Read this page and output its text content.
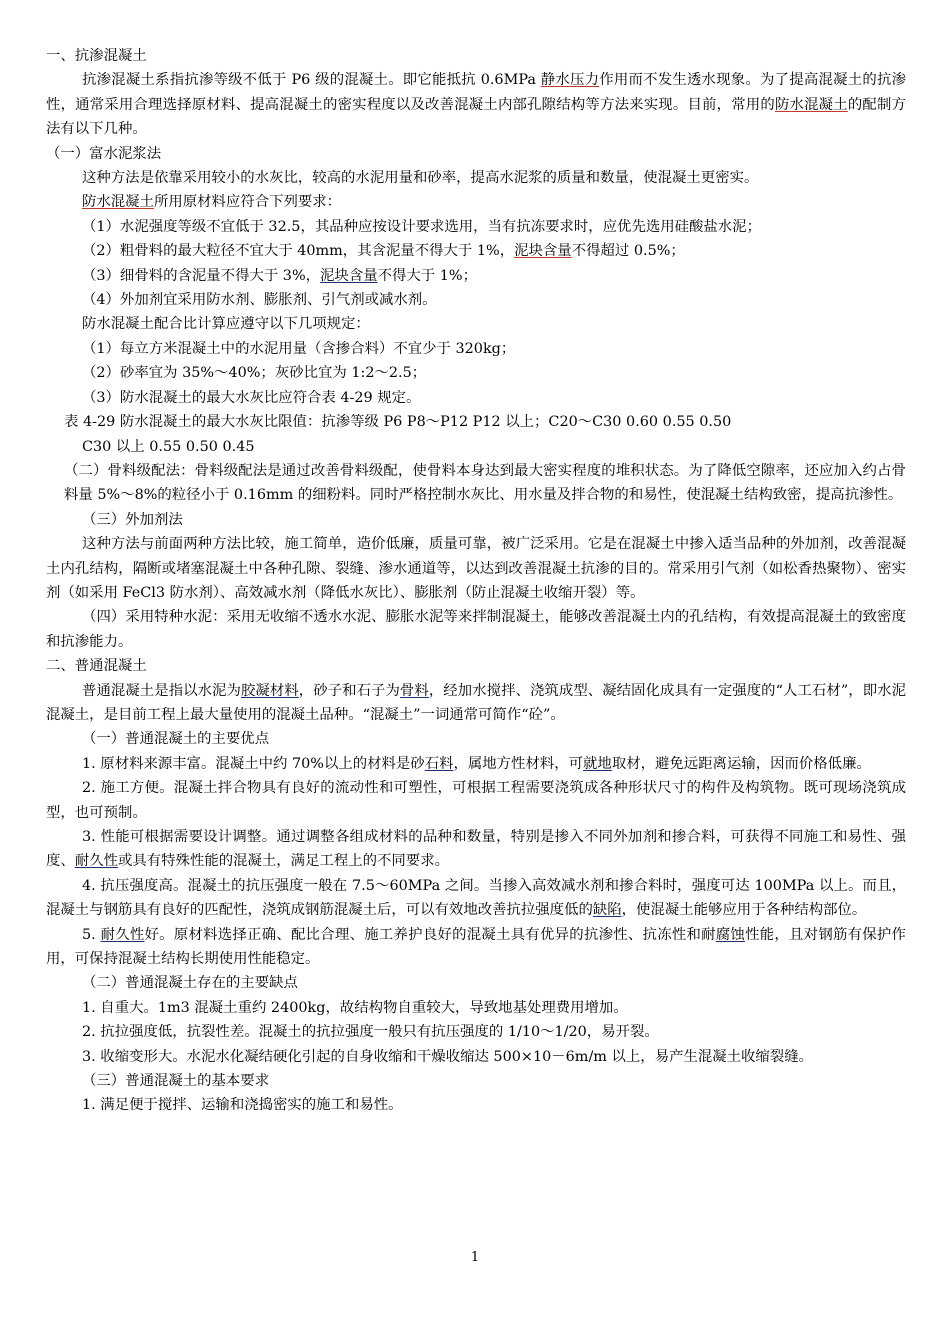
一、抗渗混凝土

抗渗混凝土系指抗渗等级不低于 P6 级的混凝土。即它能抵抗 0.6MPa 静水压力作用而不发生透水现象。为了提高混凝土的抗渗性，通常采用合理选择原材料、提高混凝土的密实程度以及改善混凝土内部孔隙结构等方法来实现。目前，常用的防水混凝土的配制方法有以下几种。

（一）富水泥浆法

这种方法是依靠采用较小的水灰比，较高的水泥用量和砂率，提高水泥浆的质量和数量，使混凝土更密实。

防水混凝土所用原材料应符合下列要求：

（1）水泥强度等级不宜低于 32.5，其品种应按设计要求选用，当有抗冻要求时，应优先选用硅酸盐水泥；

（2）粗骨料的最大粒径不宜大于 40mm，其含泥量不得大于 1%，泥块含量不得超过 0.5%；

（3）细骨料的含泥量不得大于 3%，泥块含量不得大于 1%；

（4）外加剂宜采用防水剂、膨胀剂、引气剂或减水剂。

防水混凝土配合比计算应遵守以下几项规定：

（1）每立方米混凝土中的水泥用量（含掺合料）不宜少于 320kg；

（2）砂率宜为 35%～40%；灰砂比宜为 1:2～2.5；

（3）防水混凝土的最大水灰比应符合表 4-29 规定。

表 4-29 防水混凝土的最大水灰比限值：抗渗等级 P6 P8～P12 P12 以上；C20～C30 0.60 0.55 0.50

C30 以上 0.55 0.50 0.45

（二）骨料级配法：骨料级配法是通过改善骨料级配，使骨料本身达到最大密实程度的堆积状态。为了降低空隙率，还应加入约占骨料量 5%～8%的粒径小于 0.16mm 的细粉料。同时严格控制水灰比、用水量及拌合物的和易性，使混凝土结构致密，提高抗渗性。

（三）外加剂法

这种方法与前面两种方法比较，施工简单，造价低廉，质量可靠，被广泛采用。它是在混凝土中掺入适当品种的外加剂，改善混凝土内孔结构，隔断或堵塞混凝土中各种孔隙、裂缝、渗水通道等，以达到改善混凝土抗渗的目的。常采用引气剂（如松香热聚物）、密实剂（如采用 FeCl3 防水剂）、高效减水剂（降低水灰比）、膨胀剂（防止混凝土收缩开裂）等。

（四）采用特种水泥：采用无收缩不透水水泥、膨胀水泥等来拌制混凝土，能够改善混凝土内的孔结构，有效提高混凝土的致密度和抗渗能力。

二、普通混凝土

普通混凝土是指以水泥为胶凝材料，砂子和石子为骨料，经加水搅拌、浇筑成型、凝结固化成具有一定强度的“人工石材”，即水泥混凝土，是目前工程上最大量使用的混凝土品种。“混凝土”一词通常可简作“砼”。

（一）普通混凝土的主要优点

1. 原材料来源丰富。混凝土中约 70%以上的材料是砂石料，属地方性材料，可就地取材，避免远距离运输，因而价格低廉。

2. 施工方便。混凝土拌合物具有良好的流动性和可塑性，可根据工程需要浇筑成各种形状尺寸的构件及构筑物。既可现场浇筑成型，也可预制。

3. 性能可根据需要设计调整。通过调整各组成材料的品种和数量，特别是掺入不同外加剂和掺合料，可获得不同施工和易性、强度、耐久性或具有特殊性能的混凝土，满足工程上的不同要求。

4. 抗压强度高。混凝土的抗压强度一般在 7.5～60MPa 之间。当掺入高效减水剂和掺合料时，强度可达 100MPa 以上。而且，混凝土与钢筋具有良好的匹配性，浇筑成钢筋混凝土后，可以有效地改善抗拉强度低的缺陷，使混凝土能够应用于各种结构部位。

5. 耐久性好。原材料选择正确、配比合理、施工养护良好的混凝土具有优异的抗渗性、抗冻性和耐腐蚀性能，且对钢筋有保护作用，可保持混凝土结构长期使用性能稳定。

（二）普通混凝土存在的主要缺点

1. 自重大。1m3 混凝土重约 2400kg，故结构物自重较大，导致地基处理费用增加。

2. 抗拉强度低，抗裂性差。混凝土的抗拉强度一般只有抗压强度的 1/10～1/20，易开裂。

3. 收缩变形大。水泥水化凝结硬化引起的自身收缩和干燥收缩达 500×10－6m/m 以上，易产生混凝土收缩裂缝。

（三）普通混凝土的基本要求

1. 满足便于搅拌、运输和浇捣密实的施工和易性。

1
